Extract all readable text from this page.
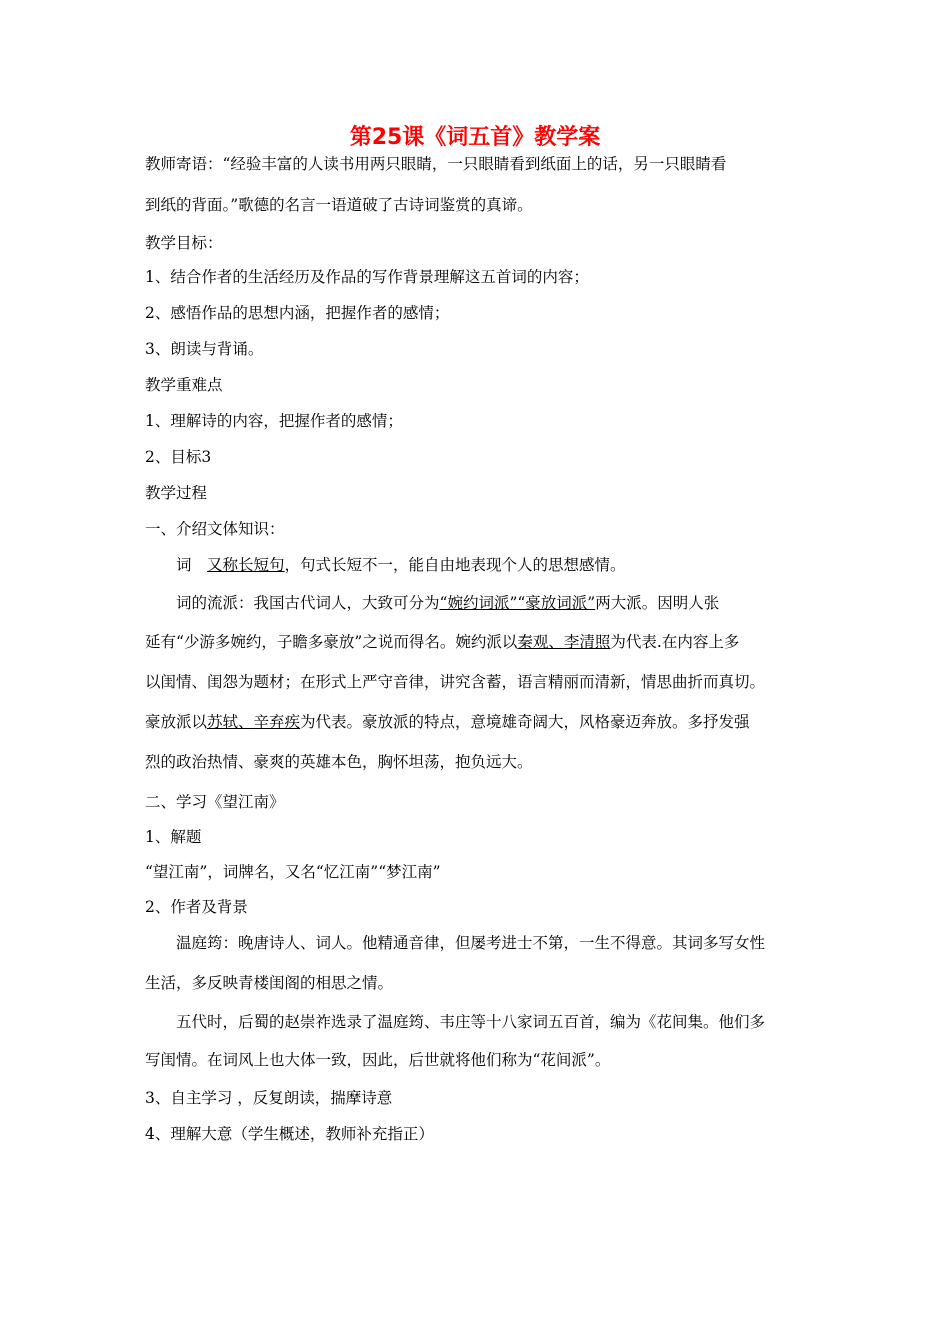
第25课《词五首》教学案
教师寄语：“经验丰富的人读书用两只眼睛，一只眼睛看到纸面上的话，另一只眼睛看
到纸的背面。”歌德的名言一语道破了古诗词鉴赏的真谛。
教学目标：
1、结合作者的生活经历及作品的写作背景理解这五首词的内容；
2、感悟作品的思想内涵，把握作者的感情；
3、朗读与背诵。
教学重难点
1、理解诗的内容，把握作者的感情；
2、目标3
教学过程
一、介绍文体知识：
词　又称长短句，句式长短不一，能自由地表现个人的思想感情。
词的流派：我国古代词人，大致可分为“婉约词派”“豪放词派”两大派。因明人张
延有“少游多婉约，子瞻多豪放”之说而得名。婉约派以秦观、李清照为代表.在内容上多
以闺情、闺怨为题材；在形式上严守音律，讲究含蓄，语言精丽而清新，情思曲折而真切。
豪放派以苏轼、辛弃疾为代表。豪放派的特点，意境雄奇阔大，风格豪迈奔放。多抒发强
烈的政治热情、豪爽的英雄本色，胸怀坦荡，抱负远大。
二、学习《望江南》
1、解题
“望江南”，词牌名，又名“忆江南”“梦江南”
2、作者及背景
温庭筠：晚唐诗人、词人。他精通音律，但屡考进士不第，一生不得意。其词多写女性
生活，多反映青楼闺阁的相思之情。
五代时，后蜀的赵崇祚选录了温庭筠、韦庄等十八家词五百首，编为《花间集。他们多
写闺情。在词风上也大体一致，因此，后世就将他们称为“花间派”。
3、自主学习 ，反复朗读，揣摩诗意
4、理解大意（学生概述，教师补充指正）
